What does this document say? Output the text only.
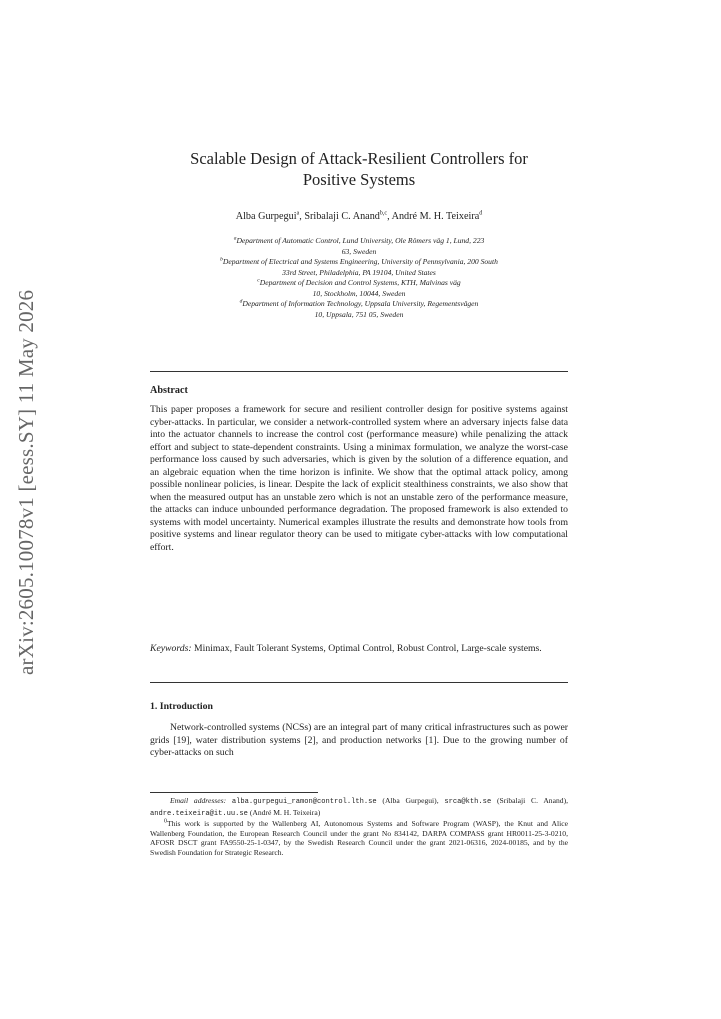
arXiv:2605.10078v1 [eess.SY] 11 May 2026
Scalable Design of Attack-Resilient Controllers for
Positive Systems
Alba Gurpegui$^a$, Sribalaji C. Anand$^{b,c}$, André M. H. Teixeira$^d$
$^a$Department of Automatic Control, Lund University, Ole Römers väg 1, Lund, 223
63, Sweden
$^b$Department of Electrical and Systems Engineering, University of Pennsylvania, 200 South
33rd Street, Philadelphia, PA 19104, United States
$^c$Department of Decision and Control Systems, KTH, Malvinas väg
10, Stockholm, 10044, Sweden
$^d$Department of Information Technology, Uppsala University, Regementsvägen
10, Uppsala, 751 05, Sweden
Abstract
This paper proposes a framework for secure and resilient controller design for positive systems against cyber-attacks. In particular, we consider a network-controlled system where an adversary injects false data into the actuator channels to increase the control cost (performance measure) while penalizing the attack effort and subject to state-dependent constraints. Using a minimax formulation, we analyze the worst-case performance loss caused by such adversaries, which is given by the solution of a difference equation, and an algebraic equation when the time horizon is infinite. We show that the optimal attack policy, among possible nonlinear policies, is linear. Despite the lack of explicit stealthiness constraints, we also show that when the measured output has an unstable zero which is not an unstable zero of the performance measure, the attacks can induce unbounded performance degradation. The proposed framework is also extended to systems with model uncertainty. Numerical examples illustrate the results and demonstrate how tools from positive systems and linear regulator theory can be used to mitigate cyber-attacks with low computational effort.
Keywords: Minimax, Fault Tolerant Systems, Optimal Control, Robust Control, Large-scale systems.
1. Introduction
Network-controlled systems (NCSs) are an integral part of many critical infrastructures such as power grids [19], water distribution systems [2], and production networks [1]. Due to the growing number of cyber-attacks on such
Email addresses: alba.gurpegui_ramon@control.lth.se (Alba Gurpegui), srca@kth.se (Sribalaji C. Anand), andre.teixeira@it.uu.se (André M. H. Teixeira)
$^0$This work is supported by the Wallenberg AI, Autonomous Systems and Software Program (WASP), the Knut and Alice Wallenberg Foundation, the European Research Council under the grant No 834142, DARPA COMPASS grant HR0011-25-3-0210, AFOSR DSCT grant FA9550-25-1-0347, by the Swedish Research Council under the grant 2021-06316, 2024-00185, and by the Swedish Foundation for Strategic Research.
